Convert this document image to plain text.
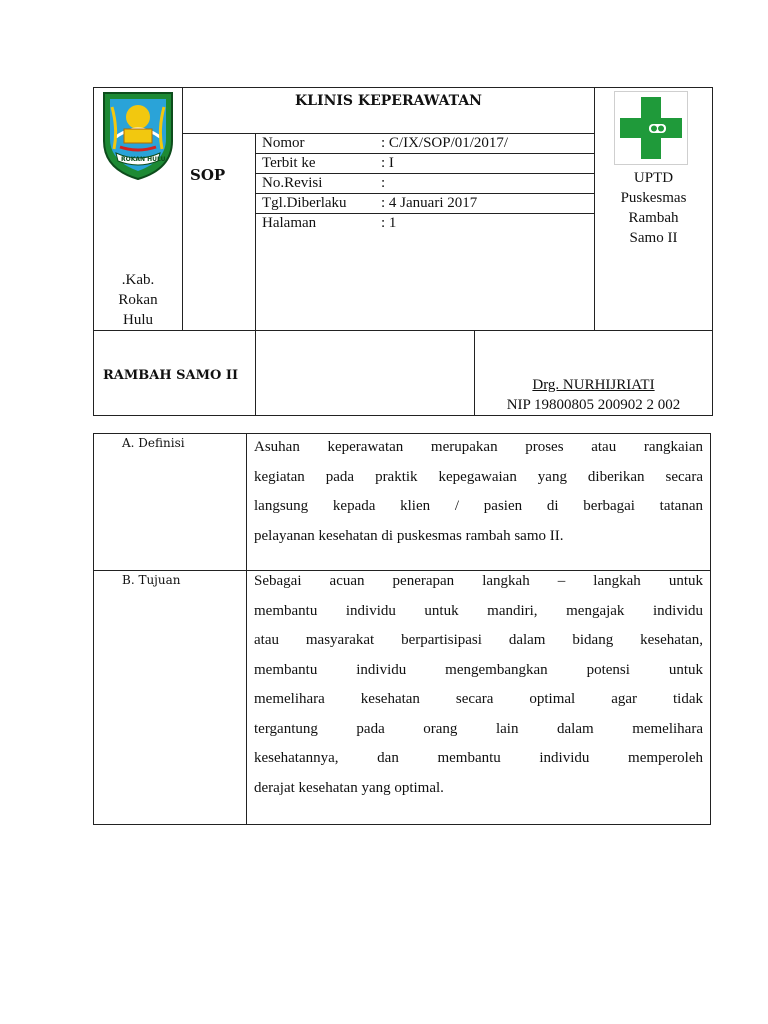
ROKAN HULU
.Kab.
Rokan
Hulu
KLINIS KEPERAWATAN
SOP
Nomor	: C/IX/SOP/01/2017/
Terbit ke	: I
No.Revisi	:
Tgl.Diberlaku : 4 Januari 2017
Halaman	: 1
UPTD
Puskesmas
Rambah
Samo II
RAMBAH SAMO II
Drg. NURHIJRIATI
NIP 19800805 200902 2 002
A. Definisi	Asuhan keperawatan merupakan proses atau rangkaian
kegiatan pada praktik kepegawaian yang diberikan secara
langsung kepada klien / pasien di berbagai tatanan
pelayanan kesehatan di puskesmas rambah samo II.
B. Tujuan	Sebagai acuan penerapan langkah – langkah untuk
membantu individu untuk mandiri, mengajak individu
atau masyarakat berpartisipasi dalam bidang kesehatan,
membantu individu mengembangkan potensi untuk
memelihara kesehatan secara optimal agar tidak
tergantung pada orang lain dalam memelihara
kesehatannya, dan membantu individu memperoleh
derajat kesehatan yang optimal.
